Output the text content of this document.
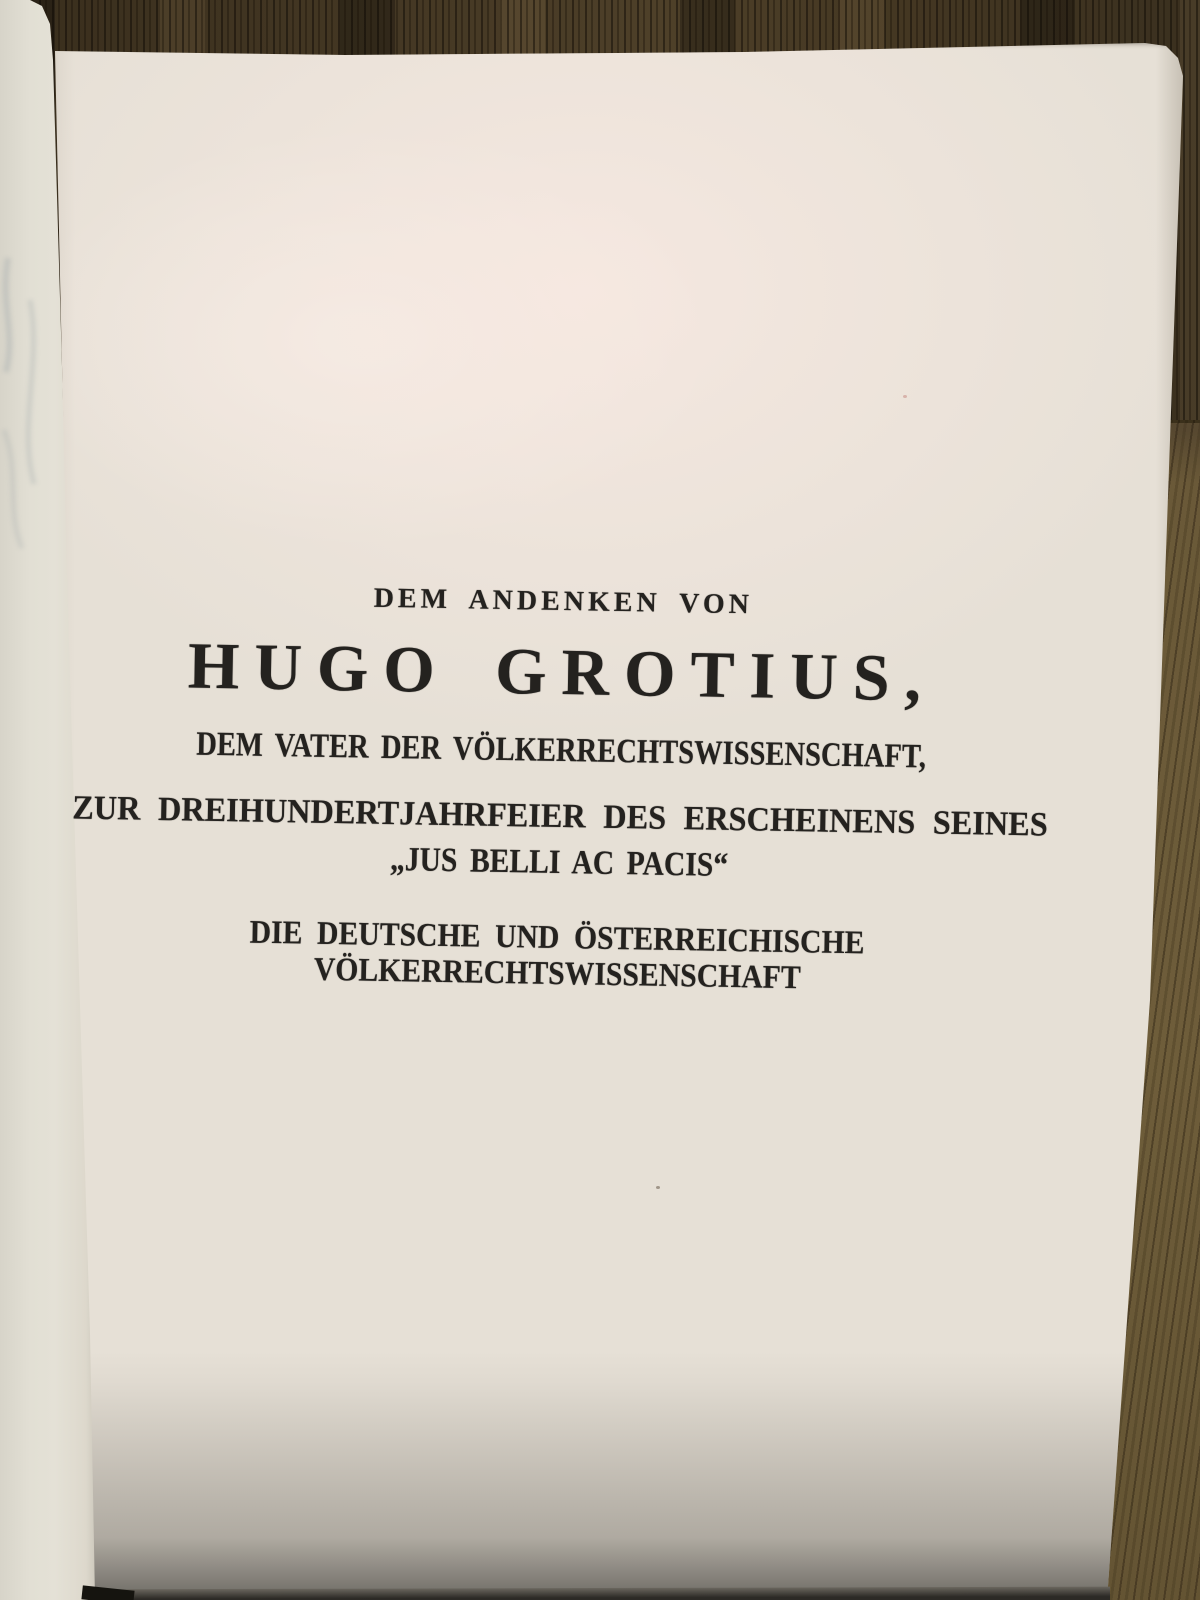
DEM ANDENKEN VON
HUGO GROTIUS,
DEM VATER DER VÖLKERRECHTSWISSENSCHAFT,
ZUR DREIHUNDERTJAHRFEIER DES ERSCHEINENS SEINES
„JUS BELLI AC PACIS“
DIE DEUTSCHE UND ÖSTERREICHISCHE
VÖLKERRECHTSWISSENSCHAFT
